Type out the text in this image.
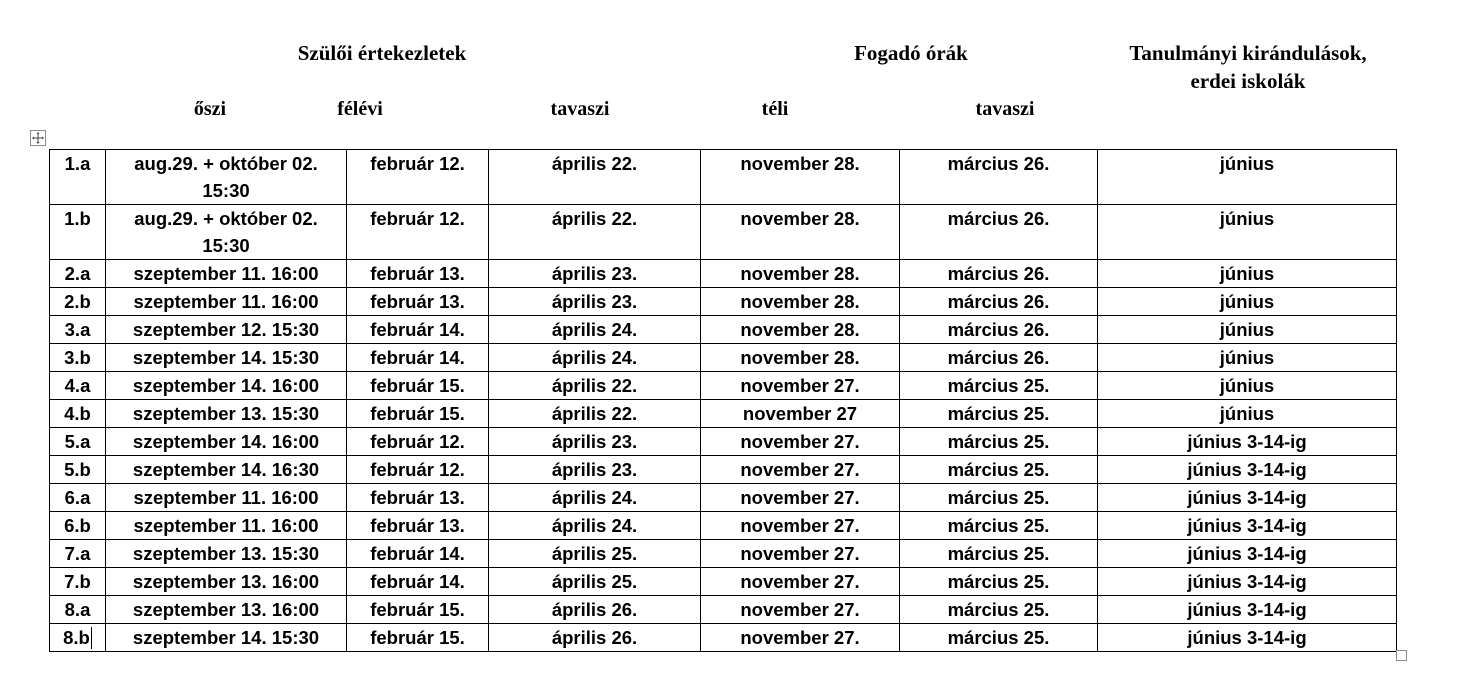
Szülői értekezletek	Fogadó órák	Tanulmányi kirándulások,
erdei iskolák
őszi	félévi	tavaszi	téli	tavaszi
1.a	aug.29. + október 02. 15:30	február 12.	április 22.	november 28.	március 26.	június
1.b	aug.29. + október 02. 15:30	február 12.	április 22.	november 28.	március 26.	június
2.a	szeptember 11. 16:00	február 13.	április 23.	november 28.	március 26.	június
2.b	szeptember 11. 16:00	február 13.	április 23.	november 28.	március 26.	június
3.a	szeptember 12. 15:30	február 14.	április 24.	november 28.	március 26.	június
3.b	szeptember 14. 15:30	február 14.	április 24.	november 28.	március 26.	június
4.a	szeptember 14. 16:00	február 15.	április 22.	november 27.	március 25.	június
4.b	szeptember 13. 15:30	február 15.	április 22.	november 27	március 25.	június
5.a	szeptember 14. 16:00	február 12.	április 23.	november 27.	március 25.	június 3-14-ig
5.b	szeptember 14. 16:30	február 12.	április 23.	november 27.	március 25.	június 3-14-ig
6.a	szeptember 11. 16:00	február 13.	április 24.	november 27.	március 25.	június 3-14-ig
6.b	szeptember 11. 16:00	február 13.	április 24.	november 27.	március 25.	június 3-14-ig
7.a	szeptember 13. 15:30	február 14.	április 25.	november 27.	március 25.	június 3-14-ig
7.b	szeptember 13. 16:00	február 14.	április 25.	november 27.	március 25.	június 3-14-ig
8.a	szeptember 13. 16:00	február 15.	április 26.	november 27.	március 25.	június 3-14-ig
8.b	szeptember 14. 15:30	február 15.	április 26.	november 27.	március 25.	június 3-14-ig
